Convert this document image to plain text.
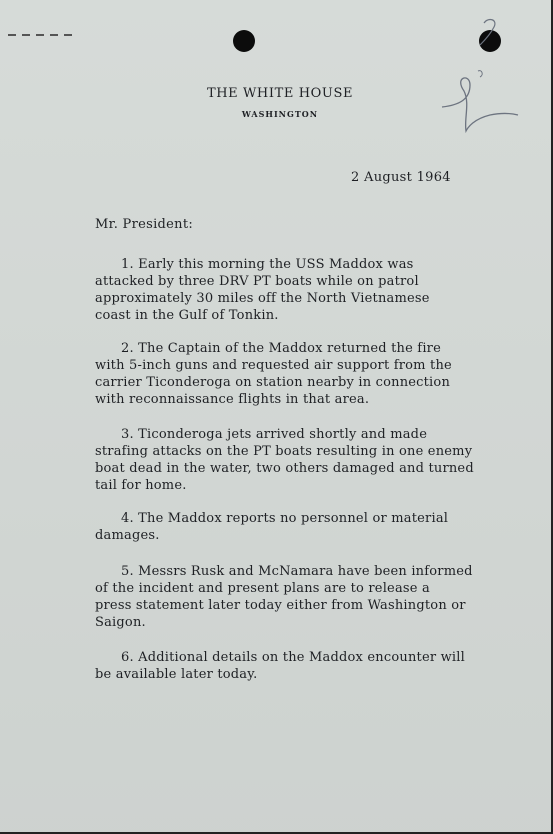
THE WHITE HOUSE
WASHINGTON
2 August 1964
Mr. President:
1. Early this morning the USS Maddox was
attacked by three DRV PT boats while on patrol
approximately 30 miles off the North Vietnamese
coast in the Gulf of Tonkin.
2. The Captain of the Maddox returned the fire
with 5-inch guns and requested air support from the
carrier Ticonderoga on station nearby in connection
with reconnaissance flights in that area.
3. Ticonderoga jets arrived shortly and made
strafing attacks on the PT boats resulting in one enemy
boat dead in the water, two others damaged and turned
tail for home.
4. The Maddox reports no personnel or material
damages.
5. Messrs Rusk and McNamara have been informed
of the incident and present plans are to release a
press statement later today either from Washington or
Saigon.
6. Additional details on the Maddox encounter will
be available later today.
